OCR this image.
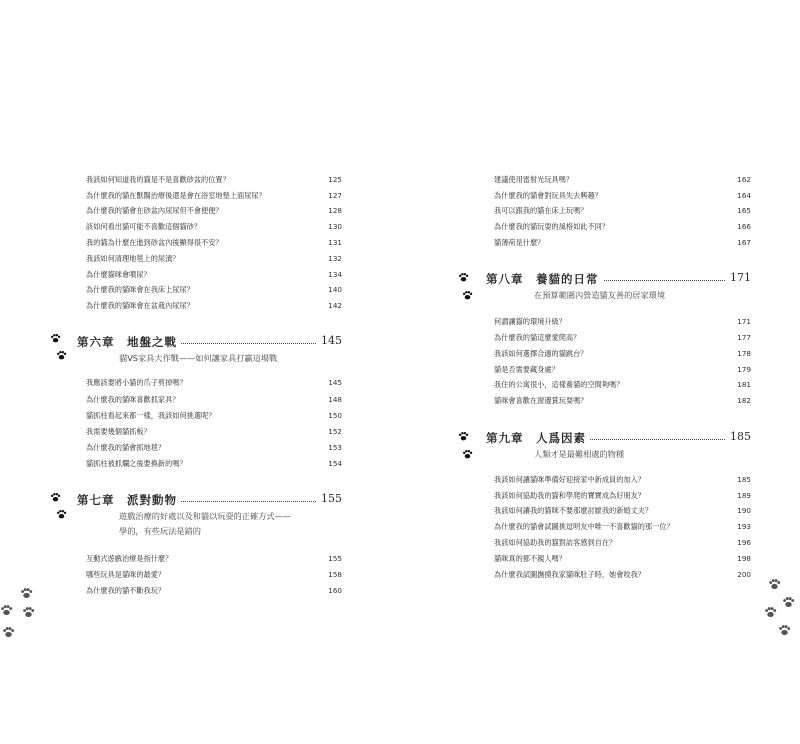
我該如何知道我的貓是不是喜歡砂盆的位置？	125
為什麼我的貓在獸醫治療後還是會在浴室地墊上面尿尿？	127
為什麼我的貓會在砂盆內尿尿但不會便便？	128
該如何看出貓可能不喜歡這個貓砂？	130
我的貓為什麼在進到砂盆內後顯得很不安？	131
我該如何清理地毯上的尿漬？	132
為什麼貓咪會噴尿？	134
為什麼我的貓咪會在我床上尿尿？	140
為什麼我的貓咪會在盆栽內尿尿？	142
第六章　地盤之戰	145
貓VS家具大作戰——如何讓家具打贏這場戰
我應該要將小貓的爪子剪掉嗎？	145
為什麼我的貓咪喜歡抓家具？	148
貓抓柱看起來都一樣，我該如何挑選呢？	150
我需要幾個貓抓板？	152
為什麼我的貓會抓地毯？	153
貓抓柱被抓爛之後要換新的嗎？	154
第七章　派對動物	155
遊戲治療的好處以及和貓以玩耍的正確方式——
學的，有些玩法是錯的
互動式遊戲治療是指什麼？	155
哪些玩具是貓咪的最愛？	158
為什麼我的貓不斷我玩？	160
建議使用雷射光玩具嗎？	162
為什麼我的貓會對玩具失去興趣？	164
我可以跟我的貓在床上玩嗎？	165
為什麼我的貓玩耍的風格如此不同？	166
貓薄荷是什麼？	167
第八章　養貓的日常	171
在預算範圍內營造貓友善的居家環境
何謂讓貓的環境升級？	171
為什麼我的貓這麼愛爬高？	177
我該如何選擇合適的貓跳台？	178
貓是否需要藏身處？	179
我住的公寓很小，這樣養貓的空間夠嗎？	181
貓咪會喜歡在窗邊賞玩耍嗎？	182
第九章　人爲因素	185
人類才是最難相處的物種
我該如何讓貓咪準備好迎接家中新成員的加入？	185
我該如何協助我的貓和學爬的寶寶成為好朋友？	189
我該如何讓我的貓咪不要那麼討厭我的新婚丈夫？	190
為什麼我的貓會試圖挑逗明友中唯一不喜歡貓的那一位？	193
我該如何協助我的貓對訪客感到自在？	196
貓咪真的都不親人嗎？	198
為什麼我試圖撫摸我家貓咪肚子時，她會咬我？	200
